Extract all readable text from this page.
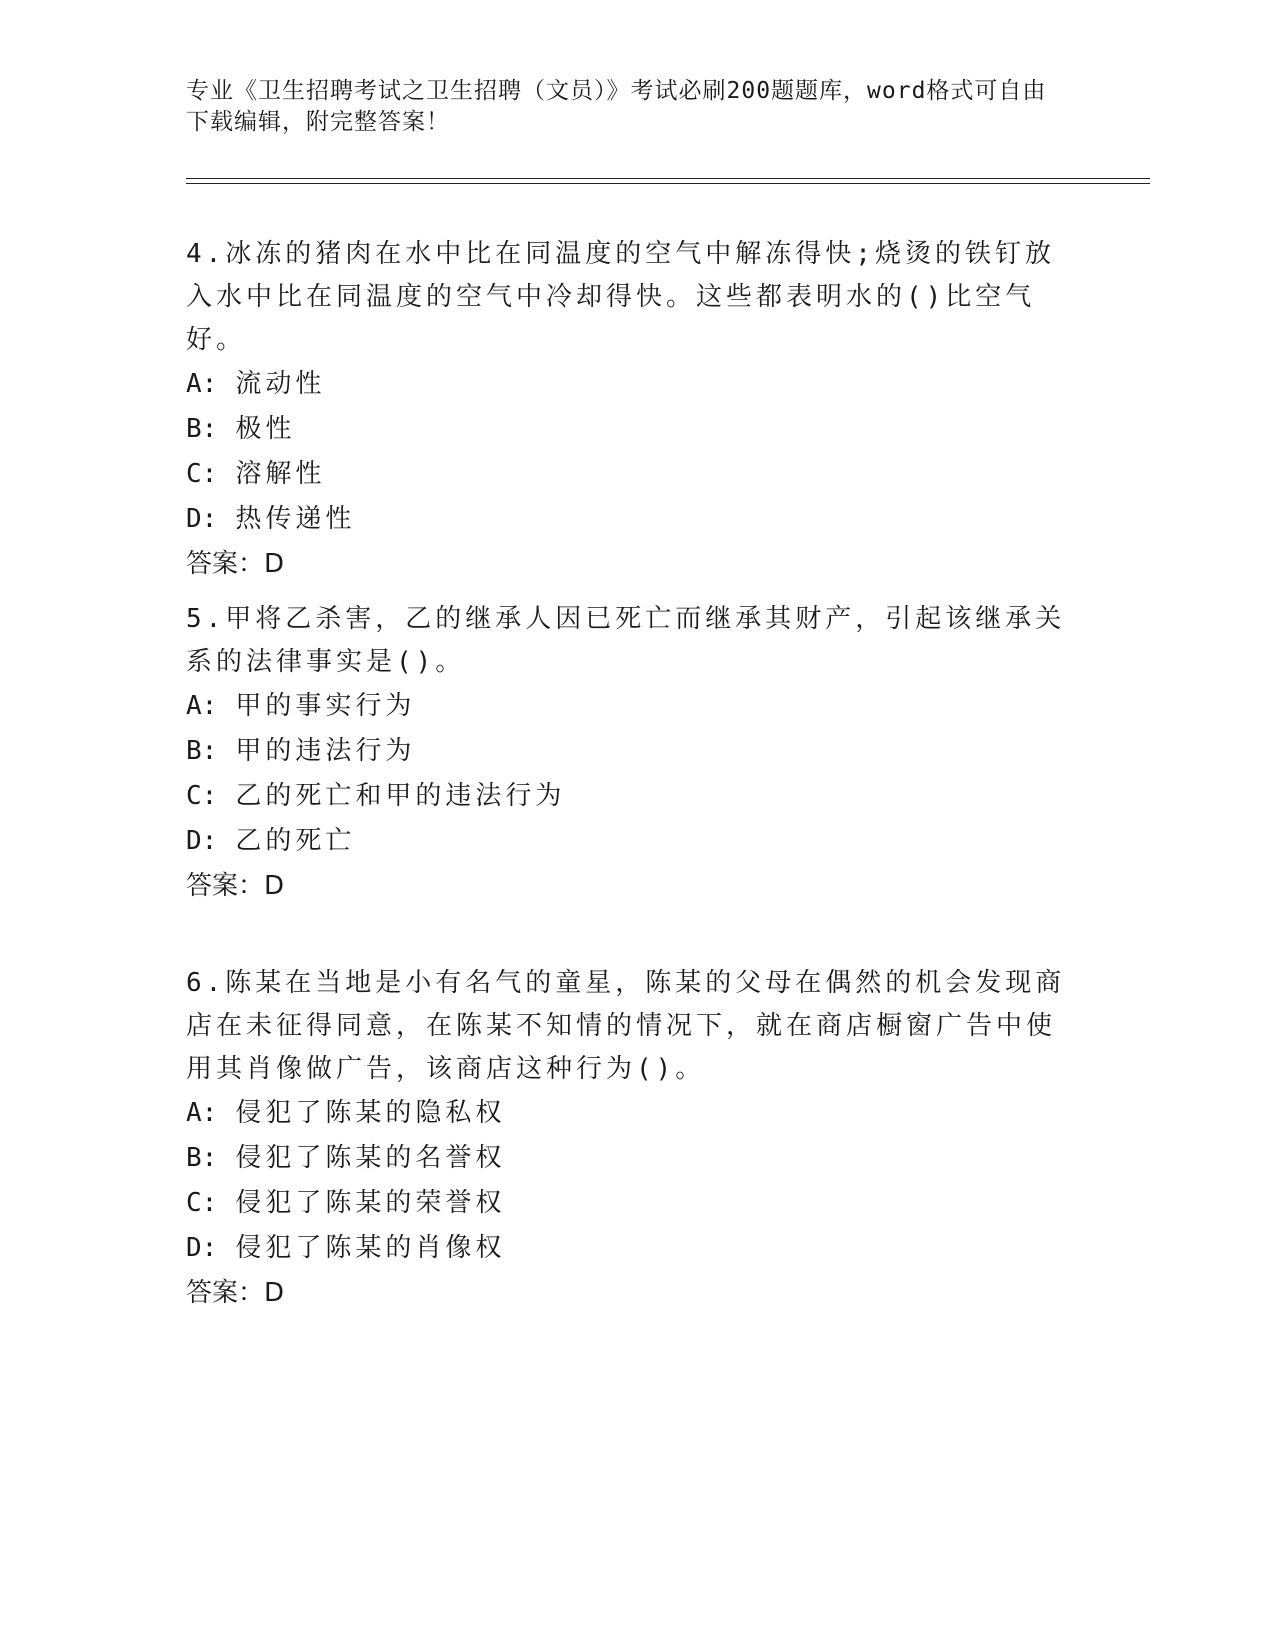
专业《卫生招聘考试之卫生招聘（文员）》考试必刷200题题库，word格式可自由下载编辑，附完整答案！

4.冰冻的猪肉在水中比在同温度的空气中解冻得快;烧烫的铁钉放入水中比在同温度的空气中冷却得快。这些都表明水的()比空气好。

A: 流动性

B: 极性

C: 溶解性

D: 热传递性

答案：D

5.甲将乙杀害，乙的继承人因已死亡而继承其财产，引起该继承关系的法律事实是()。

A: 甲的事实行为

B: 甲的违法行为

C: 乙的死亡和甲的违法行为

D: 乙的死亡

答案：D

6.陈某在当地是小有名气的童星，陈某的父母在偶然的机会发现商店在未征得同意，在陈某不知情的情况下，就在商店橱窗广告中使用其肖像做广告，该商店这种行为()。

A: 侵犯了陈某的隐私权

B: 侵犯了陈某的名誉权

C: 侵犯了陈某的荣誉权

D: 侵犯了陈某的肖像权

答案：D
